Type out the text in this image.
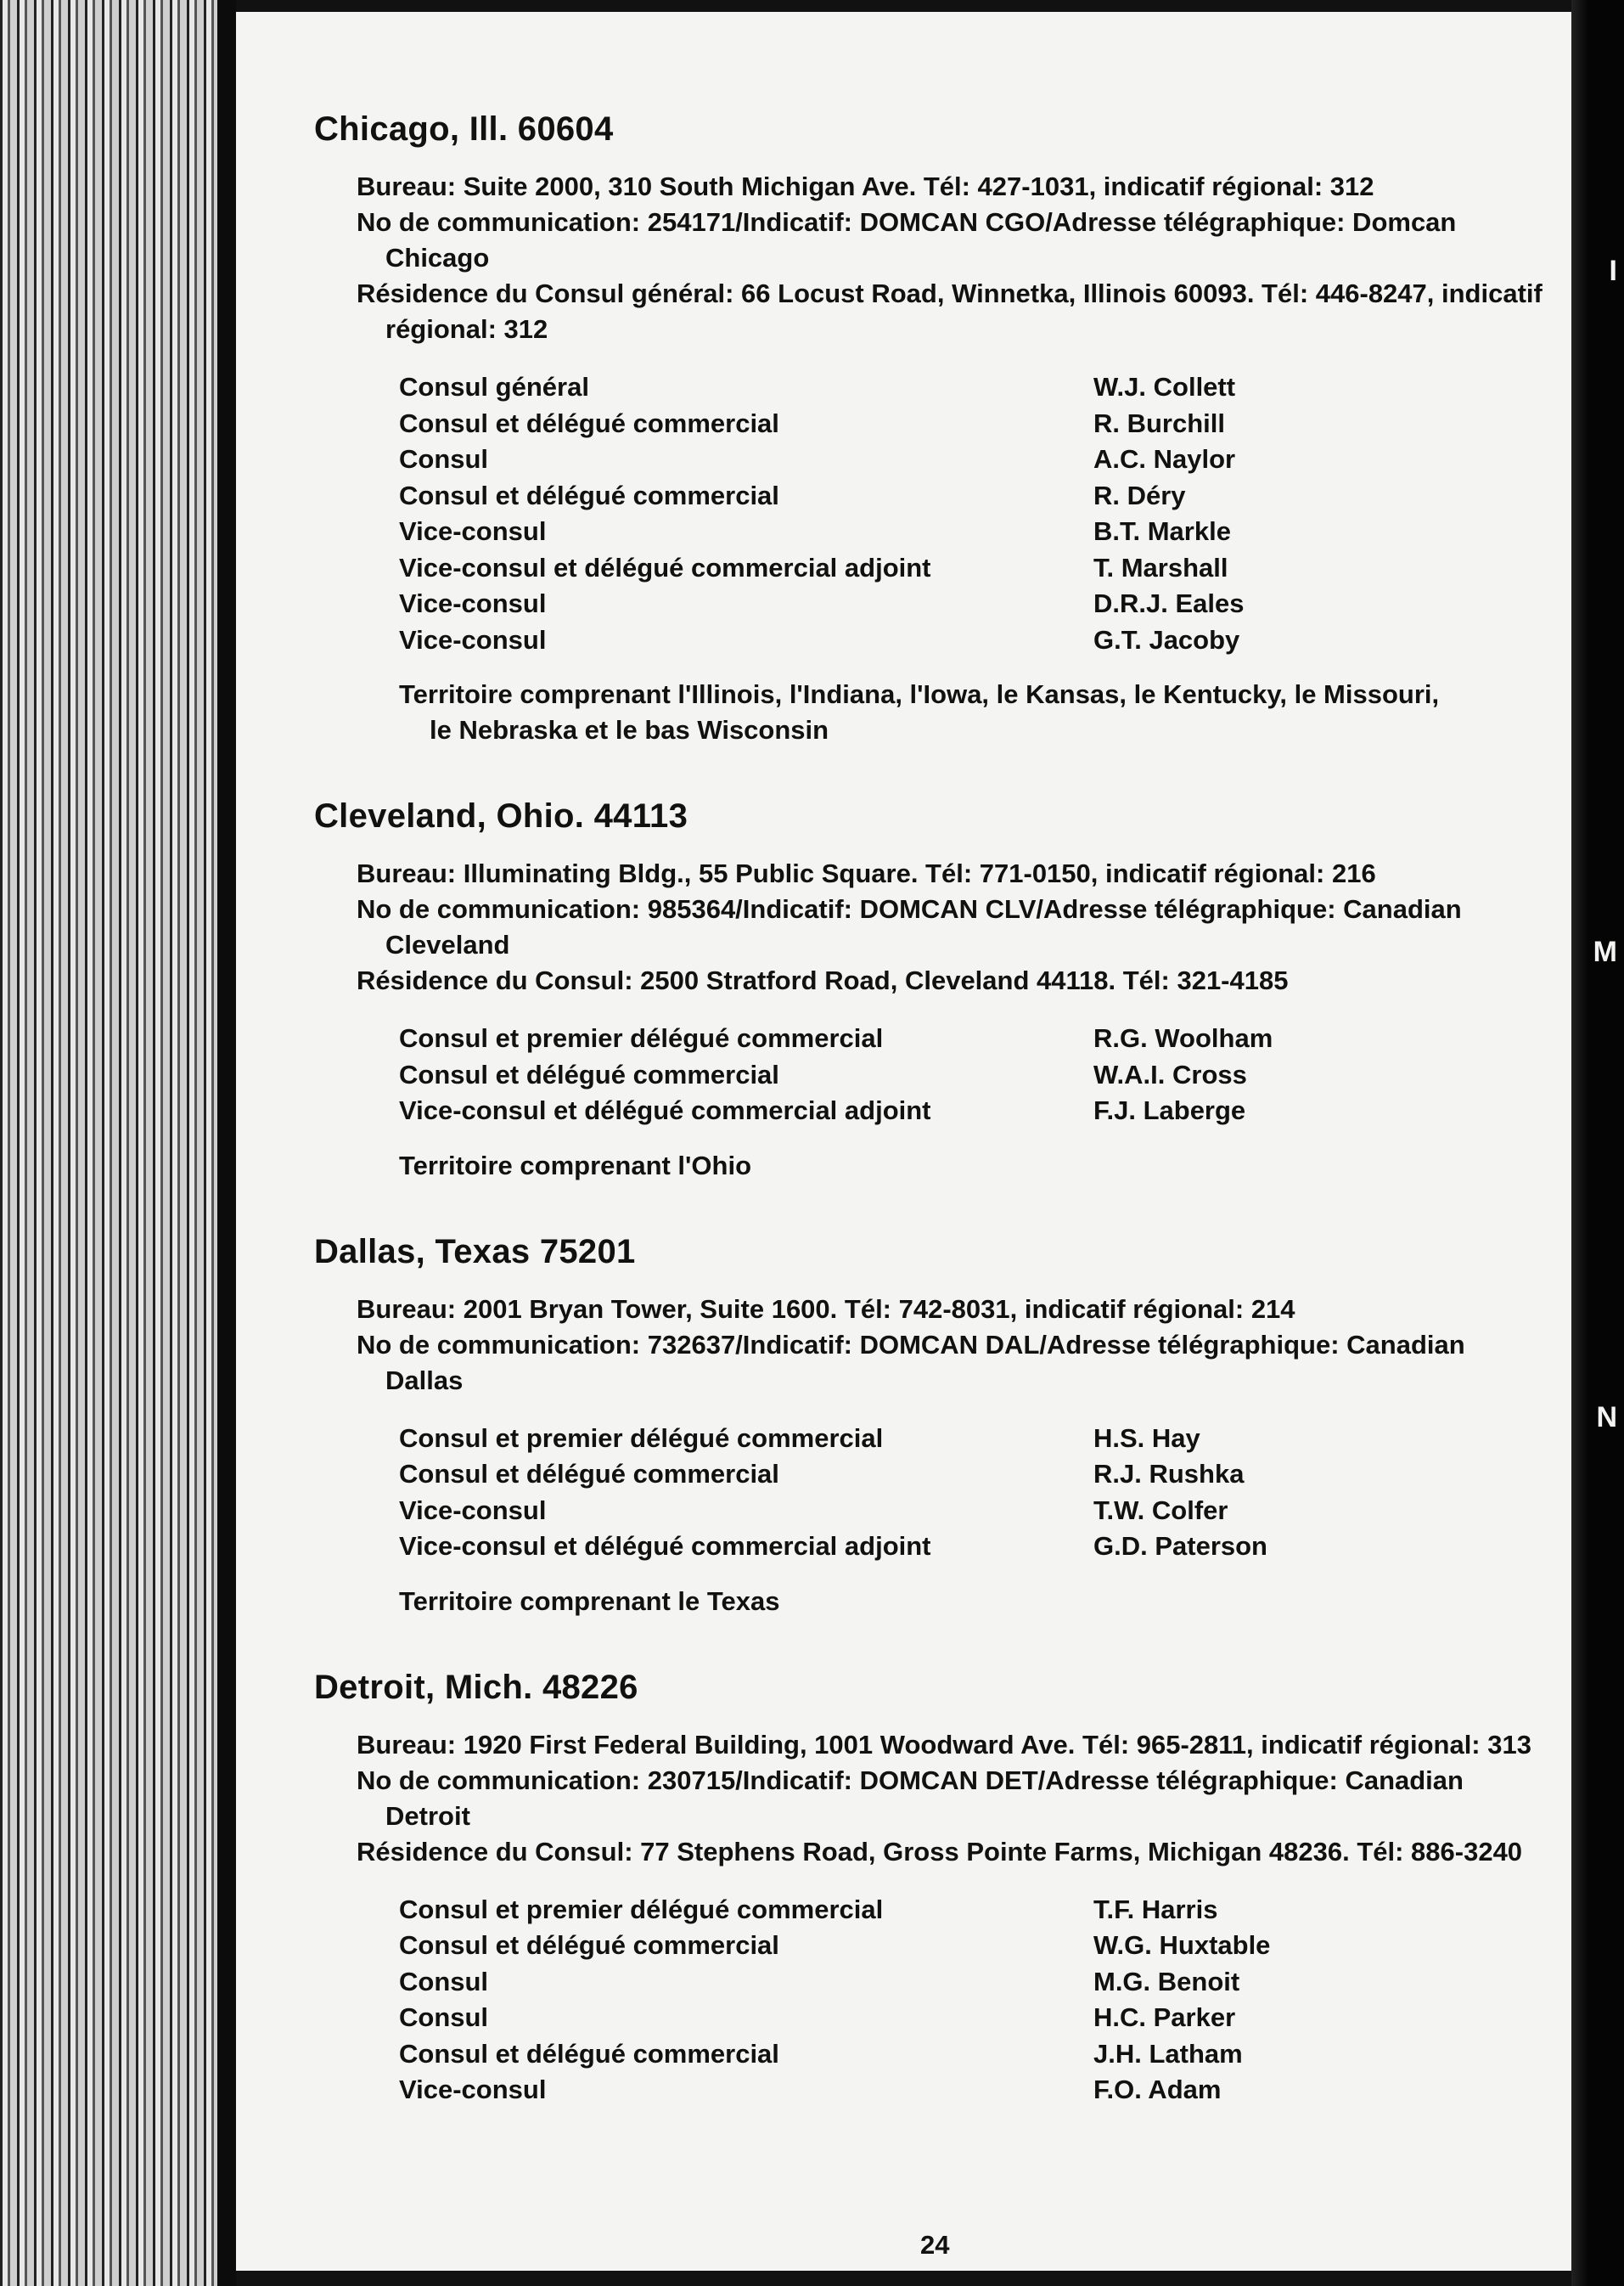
I
M
N
Chicago, Ill. 60604
Bureau: Suite 2000, 310 South Michigan Ave. Tél: 427-1031, indicatif régional: 312
No de communication: 254171/Indicatif: DOMCAN CGO/Adresse télégraphique: Domcan Chicago
Résidence du Consul général: 66 Locust Road, Winnetka, Illinois 60093. Tél: 446-8247, indicatif régional: 312
Consul général	W.J. Collett
Consul et délégué commercial	R. Burchill
Consul	A.C. Naylor
Consul et délégué commercial	R. Déry
Vice-consul	B.T. Markle
Vice-consul et délégué commercial adjoint	T. Marshall
Vice-consul	D.R.J. Eales
Vice-consul	G.T. Jacoby
Territoire comprenant l'Illinois, l'Indiana, l'Iowa, le Kansas, le Kentucky, le Missouri, le Nebraska et le bas Wisconsin
Cleveland, Ohio. 44113
Bureau: Illuminating Bldg., 55 Public Square. Tél: 771-0150, indicatif régional: 216
No de communication: 985364/Indicatif: DOMCAN CLV/Adresse télégraphique: Canadian Cleveland
Résidence du Consul: 2500 Stratford Road, Cleveland 44118. Tél: 321-4185
Consul et premier délégué commercial	R.G. Woolham
Consul et délégué commercial	W.A.I. Cross
Vice-consul et délégué commercial adjoint	F.J. Laberge
Territoire comprenant l'Ohio
Dallas, Texas 75201
Bureau: 2001 Bryan Tower, Suite 1600. Tél: 742-8031, indicatif régional: 214
No de communication: 732637/Indicatif: DOMCAN DAL/Adresse télégraphique: Canadian Dallas
Consul et premier délégué commercial	H.S. Hay
Consul et délégué commercial	R.J. Rushka
Vice-consul	T.W. Colfer
Vice-consul et délégué commercial adjoint	G.D. Paterson
Territoire comprenant le Texas
Detroit, Mich. 48226
Bureau: 1920 First Federal Building, 1001 Woodward Ave. Tél: 965-2811, indicatif régional: 313
No de communication: 230715/Indicatif: DOMCAN DET/Adresse télégraphique: Canadian Detroit
Résidence du Consul: 77 Stephens Road, Gross Pointe Farms, Michigan 48236. Tél: 886-3240
Consul et premier délégué commercial	T.F. Harris
Consul et délégué commercial	W.G. Huxtable
Consul	M.G. Benoit
Consul	H.C. Parker
Consul et délégué commercial	J.H. Latham
Vice-consul	F.O. Adam
24
